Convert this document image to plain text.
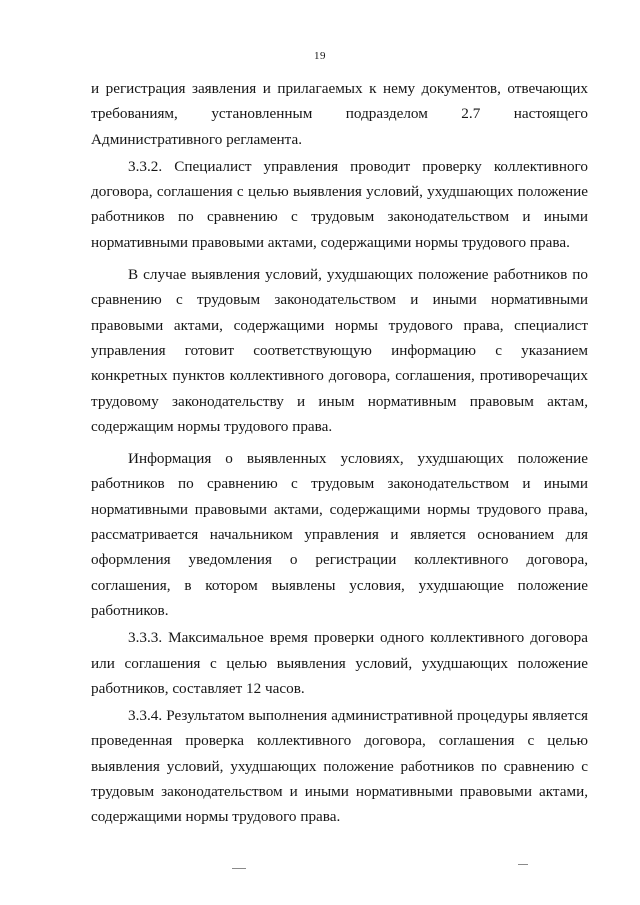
19

и регистрация заявления и прилагаемых к нему документов, отвечающих требованиям, установленным подразделом 2.7 настоящего Административного регламента.

3.3.2. Специалист управления проводит проверку коллективного договора, соглашения с целью выявления условий, ухудшающих положение работников по сравнению с трудовым законодательством и иными нормативными правовыми актами, содержащими нормы трудового права.

В случае выявления условий, ухудшающих положение работников по сравнению с трудовым законодательством и иными нормативными правовыми актами, содержащими нормы трудового права, специалист управления готовит соответствующую информацию с указанием конкретных пунктов коллективного договора, соглашения, противоречащих трудовому законодательству и иным нормативным правовым актам, содержащим нормы трудового права.

Информация о выявленных условиях, ухудшающих положение работников по сравнению с трудовым законодательством и иными нормативными правовыми актами, содержащими нормы трудового права, рассматривается начальником управления и является основанием для оформления уведомления о регистрации коллективного договора, соглашения, в котором выявлены условия, ухудшающие положение работников.

3.3.3. Максимальное время проверки одного коллективного договора или соглашения с целью выявления условий, ухудшающих положение работников, составляет 12 часов.

3.3.4. Результатом выполнения административной процедуры является проведенная проверка коллективного договора, соглашения с целью выявления условий, ухудшающих положение работников по сравнению с трудовым законодательством и иными нормативными правовыми актами, содержащими нормы трудового права.
